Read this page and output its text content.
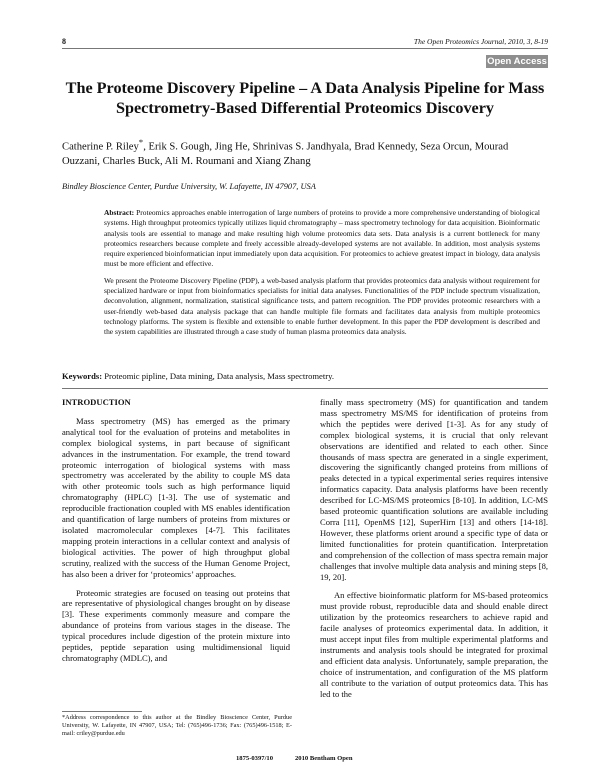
8	The Open Proteomics Journal, 2010, 3, 8-19
Open Access
The Proteome Discovery Pipeline – A Data Analysis Pipeline for Mass Spectrometry-Based Differential Proteomics Discovery
Catherine P. Riley*, Erik S. Gough, Jing He, Shrinivas S. Jandhyala, Brad Kennedy, Seza Orcun, Mourad Ouzzani, Charles Buck, Ali M. Roumani and Xiang Zhang
Bindley Bioscience Center, Purdue University, W. Lafayette, IN 47907, USA

Abstract: Proteomics approaches enable interrogation of large numbers of proteins to provide a more comprehensive understanding of biological systems. High throughput proteomics typically utilizes liquid chromatography – mass spectrometry technology for data acquisition. Bioinformatic analysis tools are essential to manage and make resulting high volume proteomics data sets. Data analysis is a current bottleneck for many proteomics researchers because complete and freely accessible already-developed systems are not available. In addition, most analysis systems require experienced bioinformatician input immediately upon data acquisition. For proteomics to achieve greatest impact in biology, data analysis must be more efficient and effective.

We present the Proteome Discovery Pipeline (PDP), a web-based analysis platform that provides proteomics data analysis without requirement for specialized hardware or input from bioinformatics specialists for initial data analyses. Functionalities of the PDP include spectrum visualization, deconvolution, alignment, normalization, statistical significance tests, and pattern recognition. The PDP provides proteomic researchers with a user-friendly web-based data analysis package that can handle multiple file formats and facilitates data analysis from multiple proteomics technology platforms. The system is flexible and extensible to enable further development. In this paper the PDP development is described and the system capabilities are illustrated through a case study of human plasma proteomics data analysis.

Keywords: Proteomic pipline, Data mining, Data analysis, Mass spectrometry.

INTRODUCTION

Mass spectrometry (MS) has emerged as the primary analytical tool for the evaluation of proteins and metabolites in complex biological systems, in part because of significant advances in the instrumentation. For example, the trend toward proteomic interrogation of biological systems with mass spectrometry was accelerated by the ability to couple MS data with other proteomic tools such as high performance liquid chromatography (HPLC) [1-3]. The use of systematic and reproducible fractionation coupled with MS enables identification and quantification of large numbers of proteins from mixtures or isolated macromolecular complexes [4-7]. This facilitates mapping protein interactions in a cellular context and analysis of biological activities. The power of high throughput global scrutiny, realized with the success of the Human Genome Project, has also been a driver for ‘proteomics’ approaches.

Proteomic strategies are focused on teasing out proteins that are representative of physiological changes brought on by disease [3]. These experiments commonly measure and compare the abundance of proteins from various stages in the disease. The typical procedures include digestion of the protein mixture into peptides, peptide separation using multidimensional liquid chromatography (MDLC), and

finally mass spectrometry (MS) for quantification and tandem mass spectrometry MS/MS for identification of proteins from which the peptides were derived [1-3]. As for any study of complex biological systems, it is crucial that only relevant observations are identified and related to each other. Since thousands of mass spectra are generated in a single experiment, discovering the significantly changed proteins from millions of peaks detected in a typical experimental series requires intensive informatics capacity. Data analysis platforms have been recently described for LC-MS/MS proteomics [8-10]. In addition, LC-MS based proteomic quantification solutions are available including Corra [11], OpenMS [12], SuperHirn [13] and others [14-18]. However, these platforms orient around a specific type of data or limited functionalities for protein quantification. Interpretation and comprehension of the collection of mass spectra remain major challenges that involve multiple data analysis and mining steps [8, 19, 20].

An effective bioinformatic platform for MS-based proteomics must provide robust, reproducible data and should enable direct utilization by the proteomics researchers to achieve rapid and facile analyses of proteomics experimental data. In addition, it must accept input files from multiple experimental platforms and instruments and analysis tools should be integrated for proximal and efficient data analysis. Unfortunately, sample preparation, the choice of instrumentation, and configuration of the MS platform all contribute to the variation of output proteomics data. This has led to the

*Address correspondence to this author at the Bindley Bioscience Center, Purdue University, W. Lafayette, IN 47907, USA; Tel: (765)496-1736; Fax: (765)496-1518; E-mail: criley@purdue.edu
1875-0397/10	2010 Bentham Open
